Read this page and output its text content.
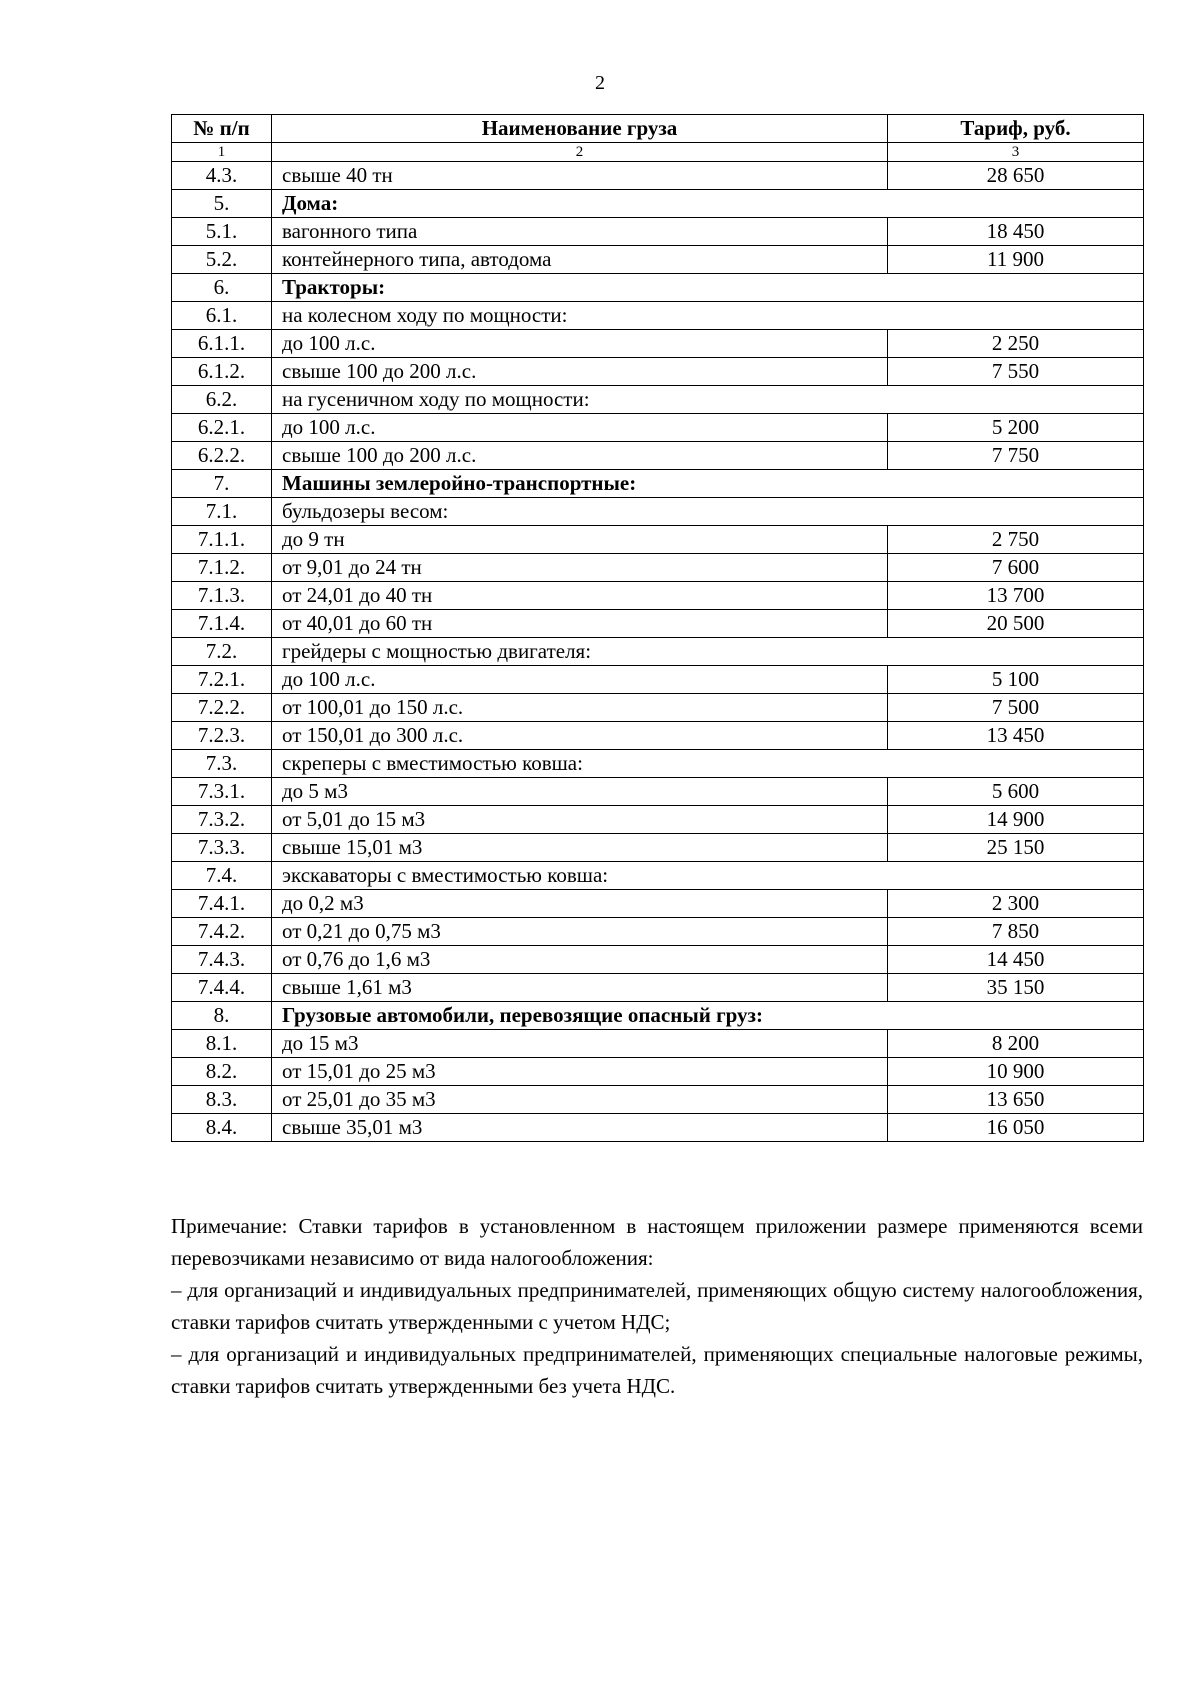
2
№ п/п	Наименование груза	Тариф, руб.
1	2	3
4.3.	свыше 40 тн	28 650
5.	Дома:	
5.1.	вагонного типа	18 450
5.2.	контейнерного типа, автодома	11 900
6.	Тракторы:	
6.1.	на колесном ходу по мощности:	
6.1.1.	до 100 л.с.	2 250
6.1.2.	свыше 100 до 200 л.с.	7 550
6.2.	на гусеничном ходу по мощности:	
6.2.1.	до 100 л.с.	5 200
6.2.2.	свыше 100 до 200 л.с.	7 750
7.	Машины землеройно-транспортные:	
7.1.	бульдозеры весом:	
7.1.1.	до 9 тн	2 750
7.1.2.	от 9,01 до 24 тн	7 600
7.1.3.	от 24,01 до 40 тн	13 700
7.1.4.	от 40,01 до 60 тн	20 500
7.2.	грейдеры с мощностью двигателя:	
7.2.1.	до 100 л.с.	5 100
7.2.2.	от 100,01 до 150 л.с.	7 500
7.2.3.	от 150,01 до 300 л.с.	13 450
7.3.	скреперы с вместимостью ковша:	
7.3.1.	до 5 м3	5 600
7.3.2.	от 5,01 до 15 м3	14 900
7.3.3.	свыше 15,01 м3	25 150
7.4.	экскаваторы с вместимостью ковша:	
7.4.1.	до 0,2 м3	2 300
7.4.2.	от 0,21 до 0,75 м3	7 850
7.4.3.	от 0,76 до 1,6 м3	14 450
7.4.4.	свыше 1,61 м3	35 150
8.	Грузовые автомобили, перевозящие опасный груз:	
8.1.	до 15 м3	8 200
8.2.	от 15,01 до 25 м3	10 900
8.3.	от 25,01 до 35 м3	13 650
8.4.	свыше 35,01 м3	16 050

Примечание: Ставки тарифов в установленном в настоящем приложении размере применяются всеми перевозчиками независимо от вида налогообложения:

– для организаций и индивидуальных предпринимателей, применяющих общую систему налогообложения, ставки тарифов считать утвержденными с учетом НДС;

– для организаций и индивидуальных предпринимателей, применяющих специальные налоговые режимы, ставки тарифов считать утвержденными без учета НДС.
